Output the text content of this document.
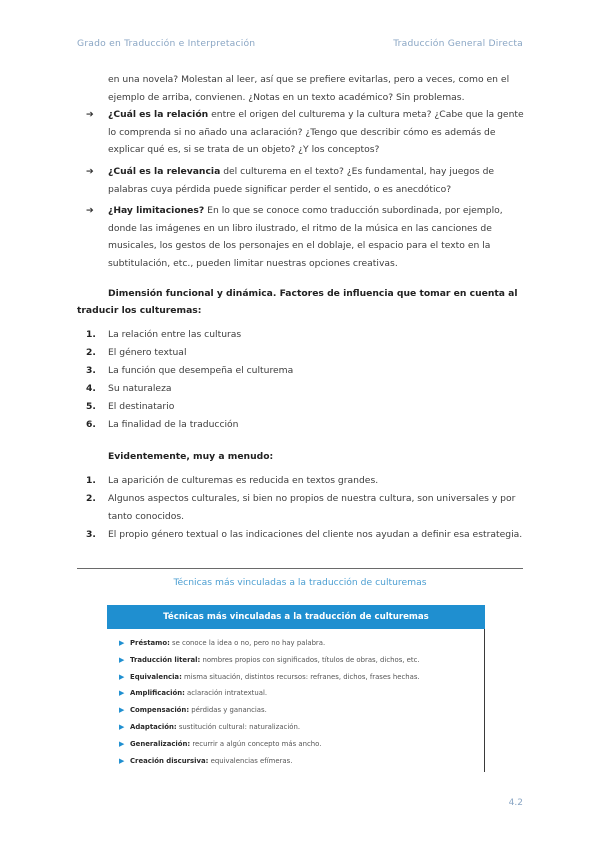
Grado en Traducción e Interpretación	Traducción General Directa
en una novela? Molestan al leer, así que se prefiere evitarlas, pero a veces, como en el ejemplo de arriba, convienen. ¿Notas en un texto académico? Sin problemas.
➔ ¿Cuál es la relación entre el origen del culturema y la cultura meta? ¿Cabe que la gente lo comprenda si no añado una aclaración? ¿Tengo que describir cómo es además de explicar qué es, si se trata de un objeto? ¿Y los conceptos?
➔ ¿Cuál es la relevancia del culturema en el texto? ¿Es fundamental, hay juegos de palabras cuya pérdida puede significar perder el sentido, o es anecdótico?
➔ ¿Hay limitaciones? En lo que se conoce como traducción subordinada, por ejemplo, donde las imágenes en un libro ilustrado, el ritmo de la música en las canciones de musicales, los gestos de los personajes en el doblaje, el espacio para el texto en la subtitulación, etc., pueden limitar nuestras opciones creativas.
Dimensión funcional y dinámica. Factores de influencia que tomar en cuenta al traducir los culturemas:
1. La relación entre las culturas
2. El género textual
3. La función que desempeña el culturema
4. Su naturaleza
5. El destinatario
6. La finalidad de la traducción
Evidentemente, muy a menudo:
1. La aparición de culturemas es reducida en textos grandes.
2. Algunos aspectos culturales, si bien no propios de nuestra cultura, son universales y por tanto conocidos.
3. El propio género textual o las indicaciones del cliente nos ayudan a definir esa estrategia.
Técnicas más vinculadas a la traducción de culturemas
Técnicas más vinculadas a la traducción de culturemas
▶ Préstamo: se conoce la idea o no, pero no hay palabra.
▶ Traducción literal: nombres propios con significados, títulos de obras, dichos, etc.
▶ Equivalencia: misma situación, distintos recursos: refranes, dichos, frases hechas.
▶ Amplificación: aclaración intratextual.
▶ Compensación: pérdidas y ganancias.
▶ Adaptación: sustitución cultural: naturalización.
▶ Generalización: recurrir a algún concepto más ancho.
▶ Creación discursiva: equivalencias efímeras.
4.2
